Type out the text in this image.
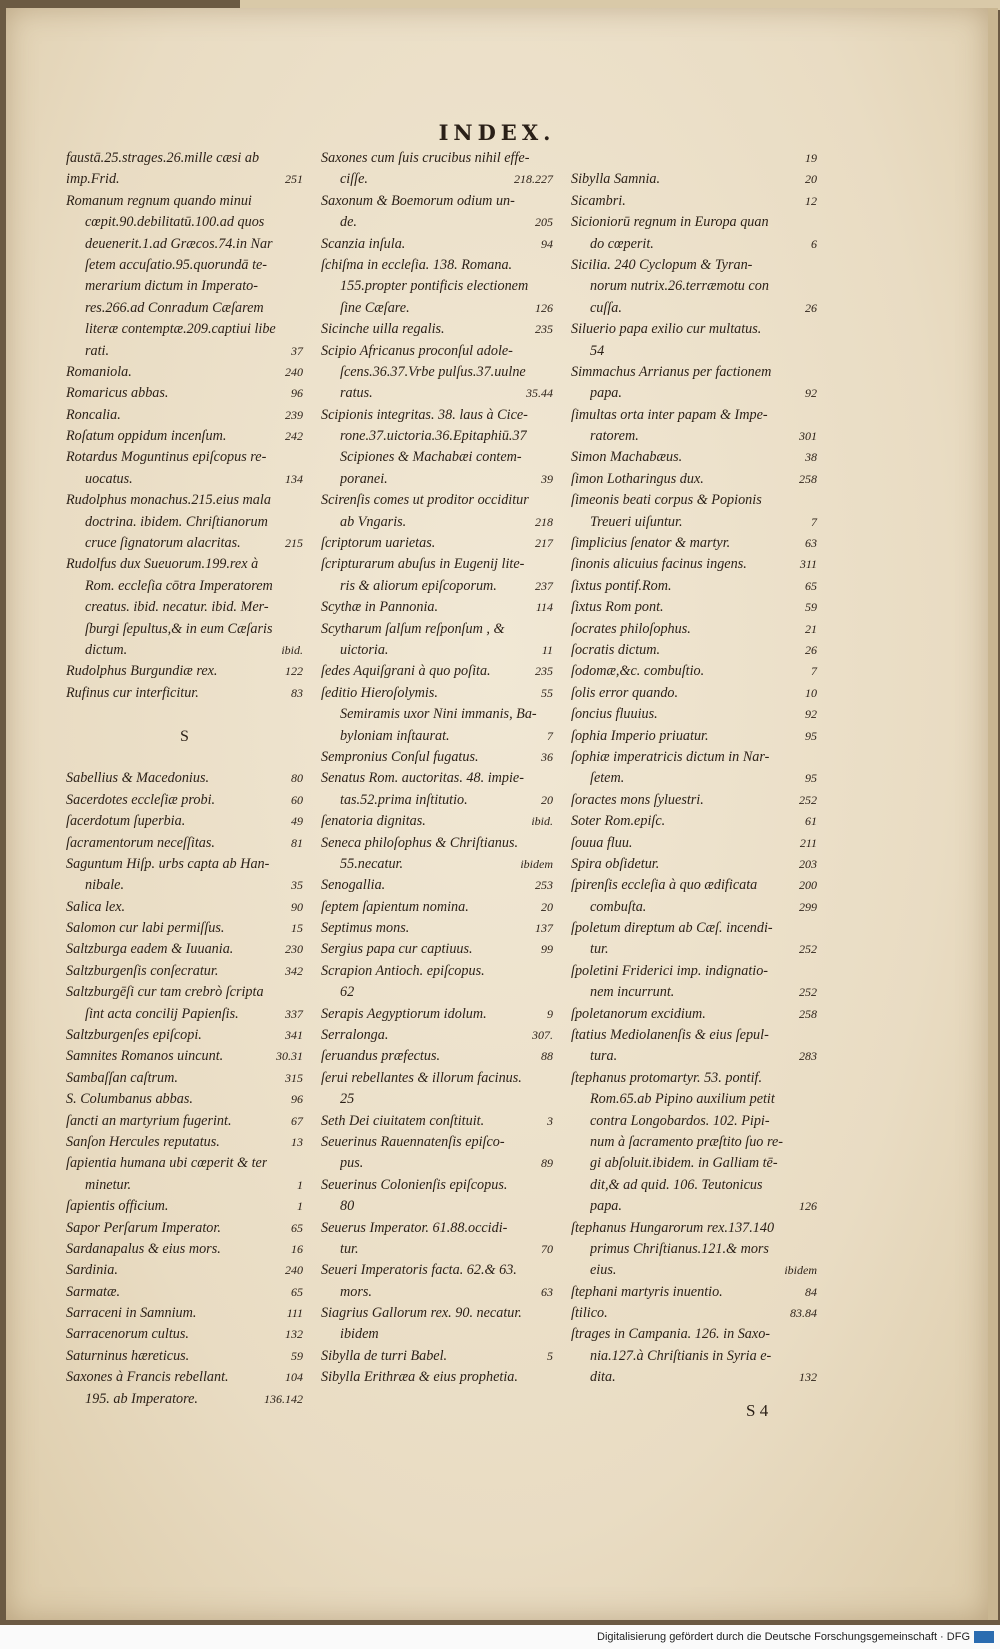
INDEX.
faustā.25.strages.26.mille cæsi ab
imp.Frid.	251
Romanum regnum quando minui
cœpit.90.debilitatū.100.ad quos
deuenerit.1.ad Græcos.74.in Nar
ſetem accuſatio.95.quorundā te-
merarium dictum in Imperato-
res.266.ad Conradum Cæſarem
literæ contemptæ.209.captiui libe
rati.	37
Romaniola.	240
Romaricus abbas.	96
Roncalia.	239
Roſatum oppidum incenſum.	242
Rotardus Moguntinus epiſcopus re-
uocatus.	134
Rudolphus monachus.215.eius mala
doctrina. ibidem. Chriſtianorum
cruce ſignatorum alacritas.	215
Rudolfus dux Sueuorum.199.rex à
Rom. eccleſia cōtra Imperatorem
creatus. ibid. necatur. ibid. Mer-
ſburgi ſepultus,& in eum Cæſaris
dictum.	ibid.
Rudolphus Burgundiæ rex.	122
Rufinus cur interficitur.	83
S
Sabellius & Macedonius.	80
Sacerdotes eccleſiæ probi.	60
ſacerdotum ſuperbia.	49
ſacramentorum neceſſitas.	81
Saguntum Hiſp. urbs capta ab Han-
nibale.	35
Salica lex.	90
Salomon cur labi permiſſus.	15
Saltzburga eadem & Iuuania.	230
Saltzburgenſis conſecratur.	342
Saltzburgēſi cur tam crebrò ſcripta
ſint acta concilij Papienſis.	337
Saltzburgenſes epiſcopi.	341
Samnites Romanos uincunt.	30.31
Sambaſſan caſtrum.	315
S. Columbanus abbas.	96
ſancti an martyrium fugerint.	67
Sanſon Hercules reputatus.	13
ſapientia humana ubi cœperit & ter
minetur.	1
ſapientis officium.	1
Sapor Perſarum Imperator.	65
Sardanapalus & eius mors.	16
Sardinia.	240
Sarmatæ.	65
Sarraceni in Samnium.	111
Sarracenorum cultus.	132
Saturninus hæreticus.	59
Saxones à Francis rebellant.	104
195. ab Imperatore.	136.142
Saxones cum ſuis crucibus nihil effe-
ciſſe.	218.227
Saxonum & Boemorum odium un-
de.	205
Scanzia inſula.	94
ſchiſma in eccleſia. 138. Romana.
155.propter pontificis electionem
ſine Cæſare.	126
Sicinche uilla regalis.	235
Scipio Africanus proconſul adole-
ſcens.36.37.Vrbe pulſus.37.uulne
ratus.	35.44
Scipionis integritas. 38. laus à Cice-
rone.37.uictoria.36.Epitaphiū.37
Scipiones & Machabæi contem-
poranei.	39
Scirenſis comes ut proditor occiditur
ab Vngaris.	218
ſcriptorum uarietas.	217
ſcripturarum abuſus in Eugenij lite-
ris & aliorum epiſcoporum.	237
Scythæ in Pannonia.	114
Scytharum ſalſum reſponſum , &
uictoria.	11
ſedes Aquiſgrani à quo poſita.	235
ſeditio Hieroſolymis.	55
Semiramis uxor Nini immanis, Ba-
byloniam inſtaurat.	7
Sempronius Conſul fugatus.	36
Senatus Rom. auctoritas. 48. impie-
tas.52.prima inſtitutio.	20
ſenatoria dignitas.	ibid.
Seneca philoſophus & Chriſtianus.
55.necatur.	ibidem
Senogallia.	253
ſeptem ſapientum nomina.	20
Septimus mons.	137
Sergius papa cur captiuus.	99
Scrapion Antioch. epiſcopus.
62
Serapis Aegyptiorum idolum.	9
Serralonga.	307.
ſeruandus præfectus.	88
ſerui rebellantes & illorum facinus.
25
Seth Dei ciuitatem conſtituit.	3
Seuerinus Rauennatenſis epiſco-
pus.	89
Seuerinus Colonienſis epiſcopus.
80
Seuerus Imperator. 61.88.occidi-
tur.	70
Seueri Imperatoris facta. 62.& 63.
mors.	63
Siagrius Gallorum rex. 90. necatur.
ibidem
Sibylla de turri Babel.	5
Sibylla Erithræa & eius prophetia.
19
Sibylla Samnia.	20
Sicambri.	12
Sicioniorū regnum in Europa quan
do cœperit.	6
Sicilia. 240 Cyclopum & Tyran-
norum nutrix.26.terræmotu con
cuſſa.	26
Siluerio papa exilio cur multatus.
54
Simmachus Arrianus per factionem
papa.	92
ſimultas orta inter papam & Impe-
ratorem.	301
Simon Machabæus.	38
ſimon Lotharingus dux.	258
ſimeonis beati corpus & Popionis
Treueri uiſuntur.	7
ſimplicius ſenator & martyr.	63
ſinonis alicuius facinus ingens.	311
ſixtus pontif.Rom.	65
ſixtus Rom pont.	59
ſocrates philoſophus.	21
ſocratis dictum.	26
ſodomæ,&c. combuſtio.	7
ſolis error quando.	10
ſoncius fluuius.	92
ſophia Imperio priuatur.	95
ſophiæ imperatricis dictum in Nar-
ſetem.	95
ſoractes mons ſyluestri.	252
Soter Rom.epiſc.	61
ſouua fluu.	211
Spira obſidetur.	203
ſpirenſis eccleſia à quo ædificata	200
combuſta.	299
ſpoletum direptum ab Cæſ. incendi-
tur.	252
ſpoletini Friderici imp. indignatio-
nem incurrunt.	252
ſpoletanorum excidium.	258
ſtatius Mediolanenſis & eius ſepul-
tura.	283
ſtephanus protomartyr. 53. pontif.
Rom.65.ab Pipino auxilium petit
contra Longobardos. 102. Pipi-
num à ſacramento præſtito ſuo re-
gi abſoluit.ibidem. in Galliam tē-
dit,& ad quid. 106. Teutonicus
papa.	126
ſtephanus Hungarorum rex.137.140
primus Chriſtianus.121.& mors
eius.	ibidem
ſtephani martyris inuentio.	84
ſtilico.	83.84
ſtrages in Campania. 126. in Saxo-
nia.127.à Chriſtianis in Syria e-
dita.	132
S 4
Digitalisierung gefördert durch die Deutsche Forschungsgemeinschaft · DFG
